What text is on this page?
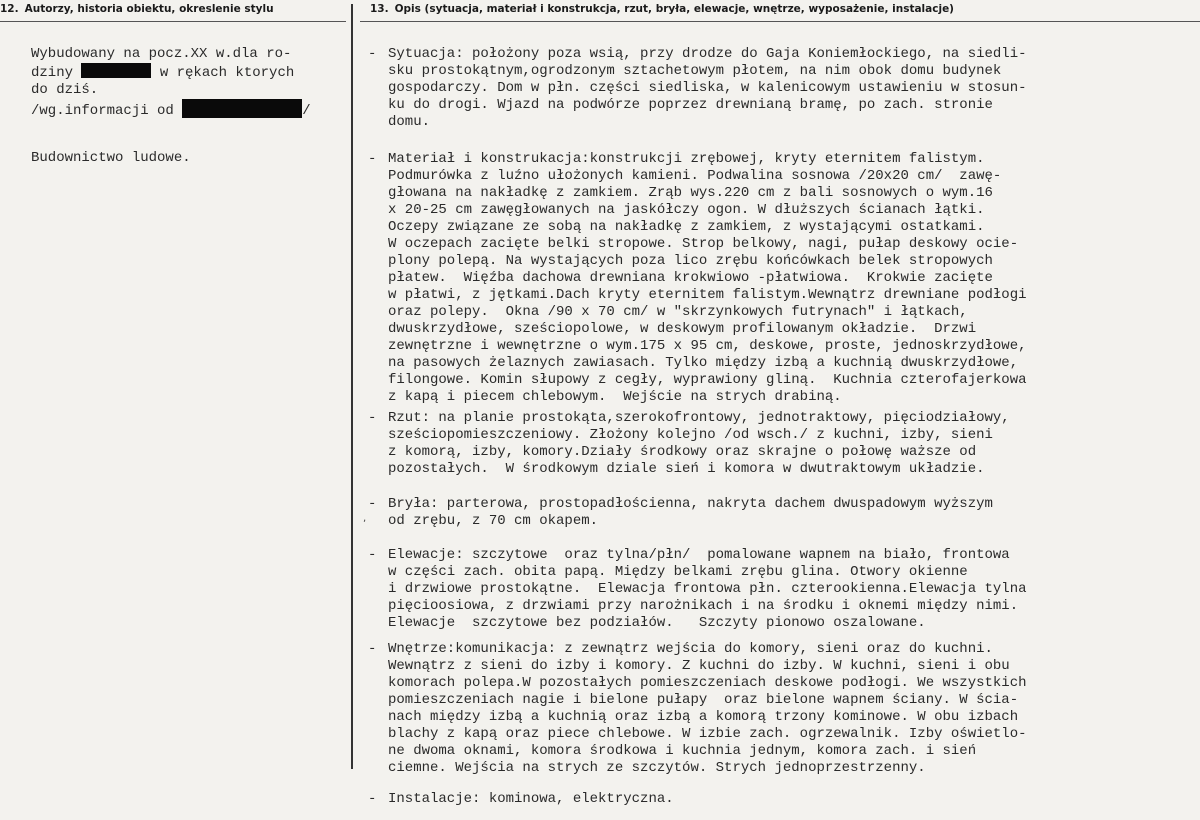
12. Autorzy, historia obiektu, okreslenie stylu	13. Opis (sytuacja, materiał i konstrukcja, rzut, bryła, elewacje, wnętrze, wyposażenie, instalacje)
Wybudowany na pocz.XX w.dla ro-
dziny	w rękach ktorych
do dziś.
/wg.informacji od	/
Budownictwo ludowe.
- Sytuacja: położony poza wsią, przy drodze do Gaja Koniemłockiego, na siedli-
sku prostokątnym,ogrodzonym sztachetowym płotem, na nim obok domu budynek
gospodarczy. Dom w płn. części siedliska, w kalenicowym ustawieniu w stosun-
ku do drogi. Wjazd na podwórze poprzez drewnianą bramę, po zach. stronie
domu.
- Materiał i konstrukacja:konstrukcji zrębowej, kryty eternitem falistym.
Podmurówka z luźno ułożonych kamieni. Podwalina sosnowa /20x20 cm/  zawę-
głowana na nakładkę z zamkiem. Zrąb wys.220 cm z bali sosnowych o wym.16
x 20-25 cm zawęgłowanych na jaskółczy ogon. W dłuższych ścianach łątki.
Oczepy związane ze sobą na nakładkę z zamkiem, z wystającymi ostatkami.
W oczepach zacięte belki stropowe. Strop belkowy, nagi, pułap deskowy ocie-
plony polepą. Na wystających poza lico zrębu końcówkach belek stropowych
płatew.  Więźba dachowa drewniana krokwiowo -płatwiowa.  Krokwie zacięte
w płatwi, z jętkami.Dach kryty eternitem falistym.Wewnątrz drewniane podłogi
oraz polepy.  Okna /90 x 70 cm/ w "skrzynkowych futrynach" i łątkach,
dwuskrzydłowe, sześciopolowe, w deskowym profilowanym okładzie.  Drzwi
zewnętrzne i wewnętrzne o wym.175 x 95 cm, deskowe, proste, jednoskrzydłowe,
na pasowych żelaznych zawiasach. Tylko między izbą a kuchnią dwuskrzydłowe,
filongowe. Komin słupowy z cegły, wyprawiony gliną.  Kuchnia czterofajerkowa
z kapą i piecem chlebowym.  Wejście na strych drabiną.
- Rzut: na planie prostokąta,szerokofrontowy, jednotraktowy, pięciodziałowy,
sześciopomieszczeniowy. Złożony kolejno /od wsch./ z kuchni, izby, sieni
z komorą, izby, komory.Działy środkowy oraz skrajne o połowę waższe od
pozostałych.  W środkowym dziale sień i komora w dwutraktowym układzie.
- Bryła: parterowa, prostopadłościenna, nakryta dachem dwuspadowym wyższym
od zrębu, z 70 cm okapem.
,
- Elewacje: szczytowe  oraz tylna/płn/  pomalowane wapnem na biało, frontowa
w części zach. obita papą. Między belkami zrębu glina. Otwory okienne
i drzwiowe prostokątne.  Elewacja frontowa płn. czterookienna.Elewacja tylna
pięcioosiowa, z drzwiami przy narożnikach i na środku i oknemi między nimi.
Elewacje  szczytowe bez podziałów.   Szczyty pionowo oszalowane.
- Wnętrze:komunikacja: z zewnątrz wejścia do komory, sieni oraz do kuchni.
Wewnątrz z sieni do izby i komory. Z kuchni do izby. W kuchni, sieni i obu
komorach polepa.W pozostałych pomieszczeniach deskowe podłogi. We wszystkich
pomieszczeniach nagie i bielone pułapy  oraz bielone wapnem ściany. W ścia-
nach między izbą a kuchnią oraz izbą a komorą trzony kominowe. W obu izbach
blachy z kapą oraz piece chlebowe. W izbie zach. ogrzewalnik. Izby oświetlo-
ne dwoma oknami, komora środkowa i kuchnia jednym, komora zach. i sień
ciemne. Wejścia na strych ze szczytów. Strych jednoprzestrzenny.
- Instalacje: kominowa, elektryczna.
